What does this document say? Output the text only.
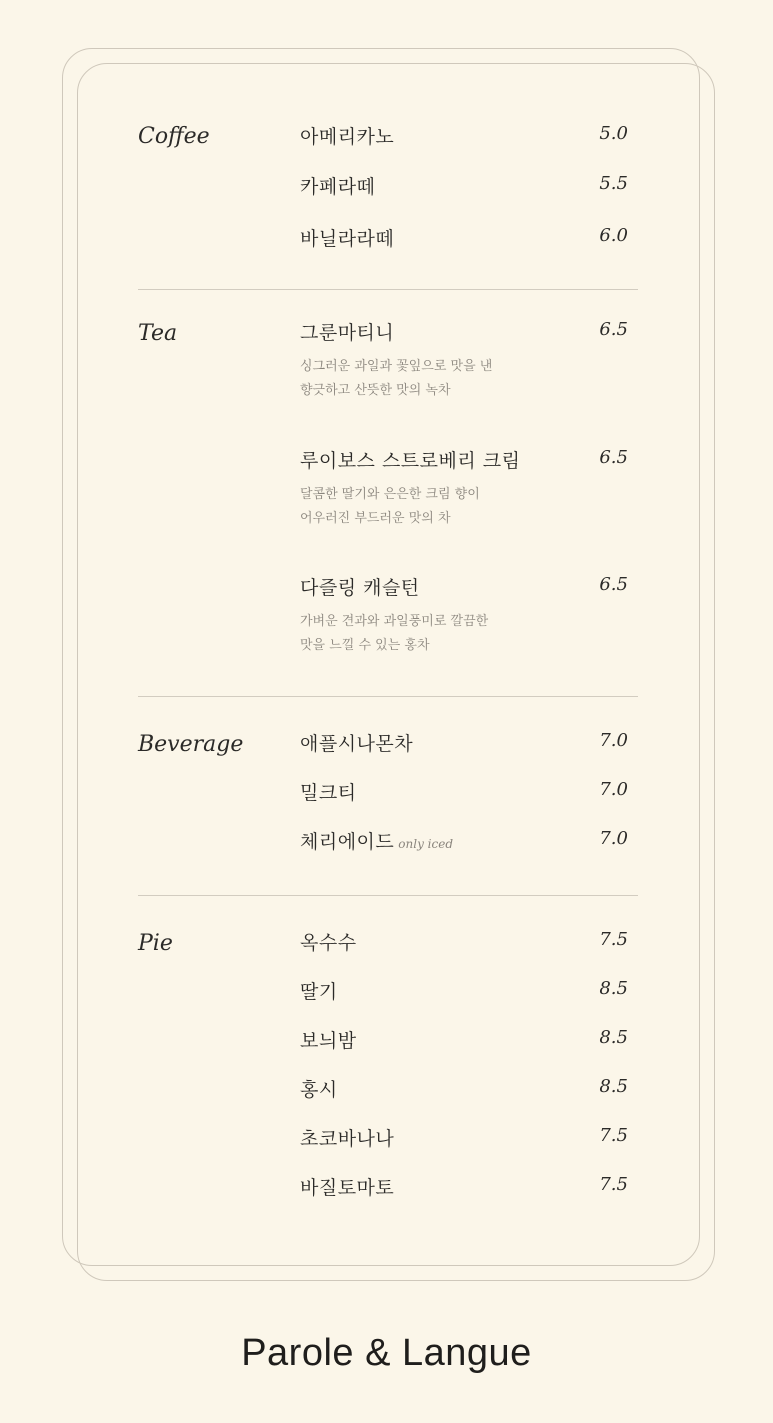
Coffee	아메리카노	5.0
카페라떼	5.5
바닐라라떼	6.0
Tea	그룬마티니	6.5
싱그러운 과일과 꽃잎으로 맛을 낸
향긋하고 산뜻한 맛의 녹차
루이보스 스트로베리 크림	6.5
달콤한 딸기와 은은한 크림 향이
어우러진 부드러운 맛의 차
다즐링 캐슬턴	6.5
가벼운 견과와 과일풍미로 깔끔한
맛을 느낄 수 있는 홍차
Beverage	애플시나몬차	7.0
밀크티	7.0
체리에이드 only iced	7.0
Pie	옥수수	7.5
딸기	8.5
보늬밤	8.5
홍시	8.5
초코바나나	7.5
바질토마토	7.5
Parole & Langue
